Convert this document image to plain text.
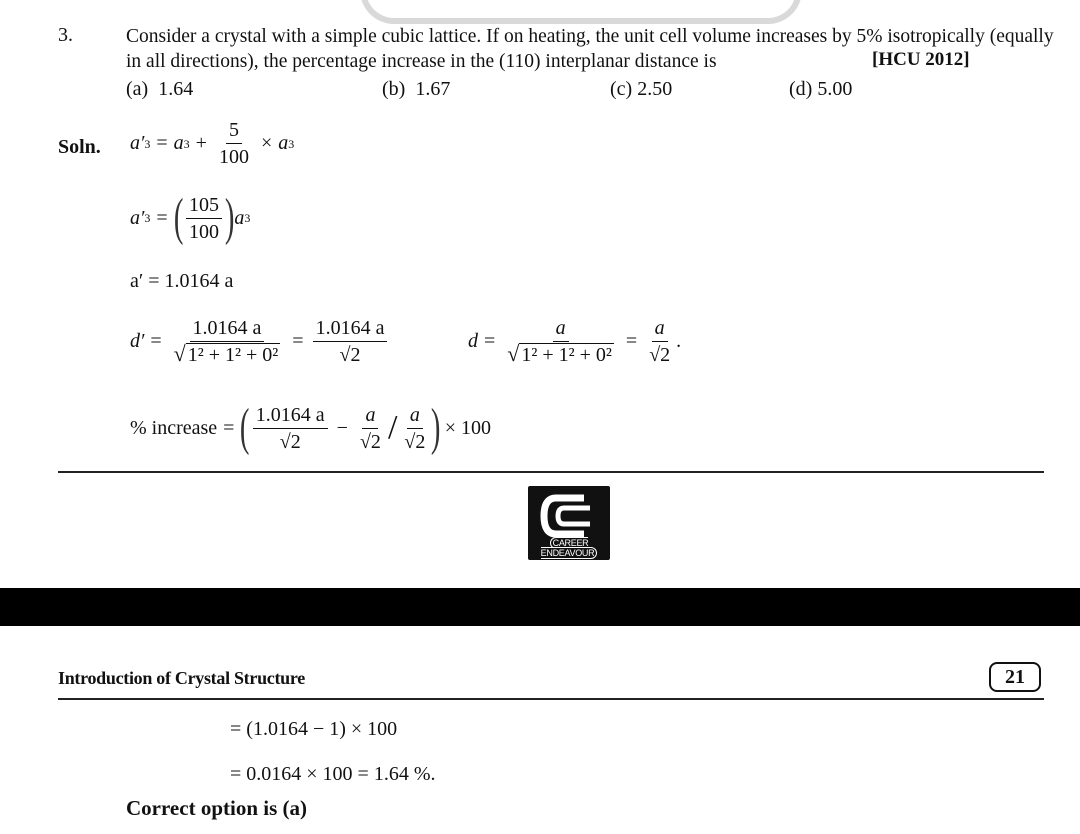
3.	Consider a crystal with a simple cubic lattice. If on heating, the unit cell volume increases by 5% isotropically (equally in all directions), the percentage increase in the (110) interplanar distance is	[HCU 2012]
(a) 1.64	(b) 1.67	(c) 2.50	(d) 5.00
Soln. a′ 3 = a $3 + \frac{5}{100} \times a$ 3
a′ 3 = ( $\frac{105}{100}$ ) a 3
a′ = 1.0164 a
$d' = \frac{1.0164 a}{\text{√ 1² + 1² + 0²}} = \frac{1.0164 a}{√2}$	$d = \frac{a}{\text{√ 1² + 1² + 0²}} = \frac{a}{√2}$ .
% increase = ( $\frac{1.0164 a}{√2} - \frac{a}{√2} / \frac{a}{√2}$ ) × 100
CAREER ENDEAVOUR
Introduction of Crystal Structure	21
= (1.0164 − 1) × 100
= 0.0164 × 100 = 1.64 %.
Correct option is (a)
